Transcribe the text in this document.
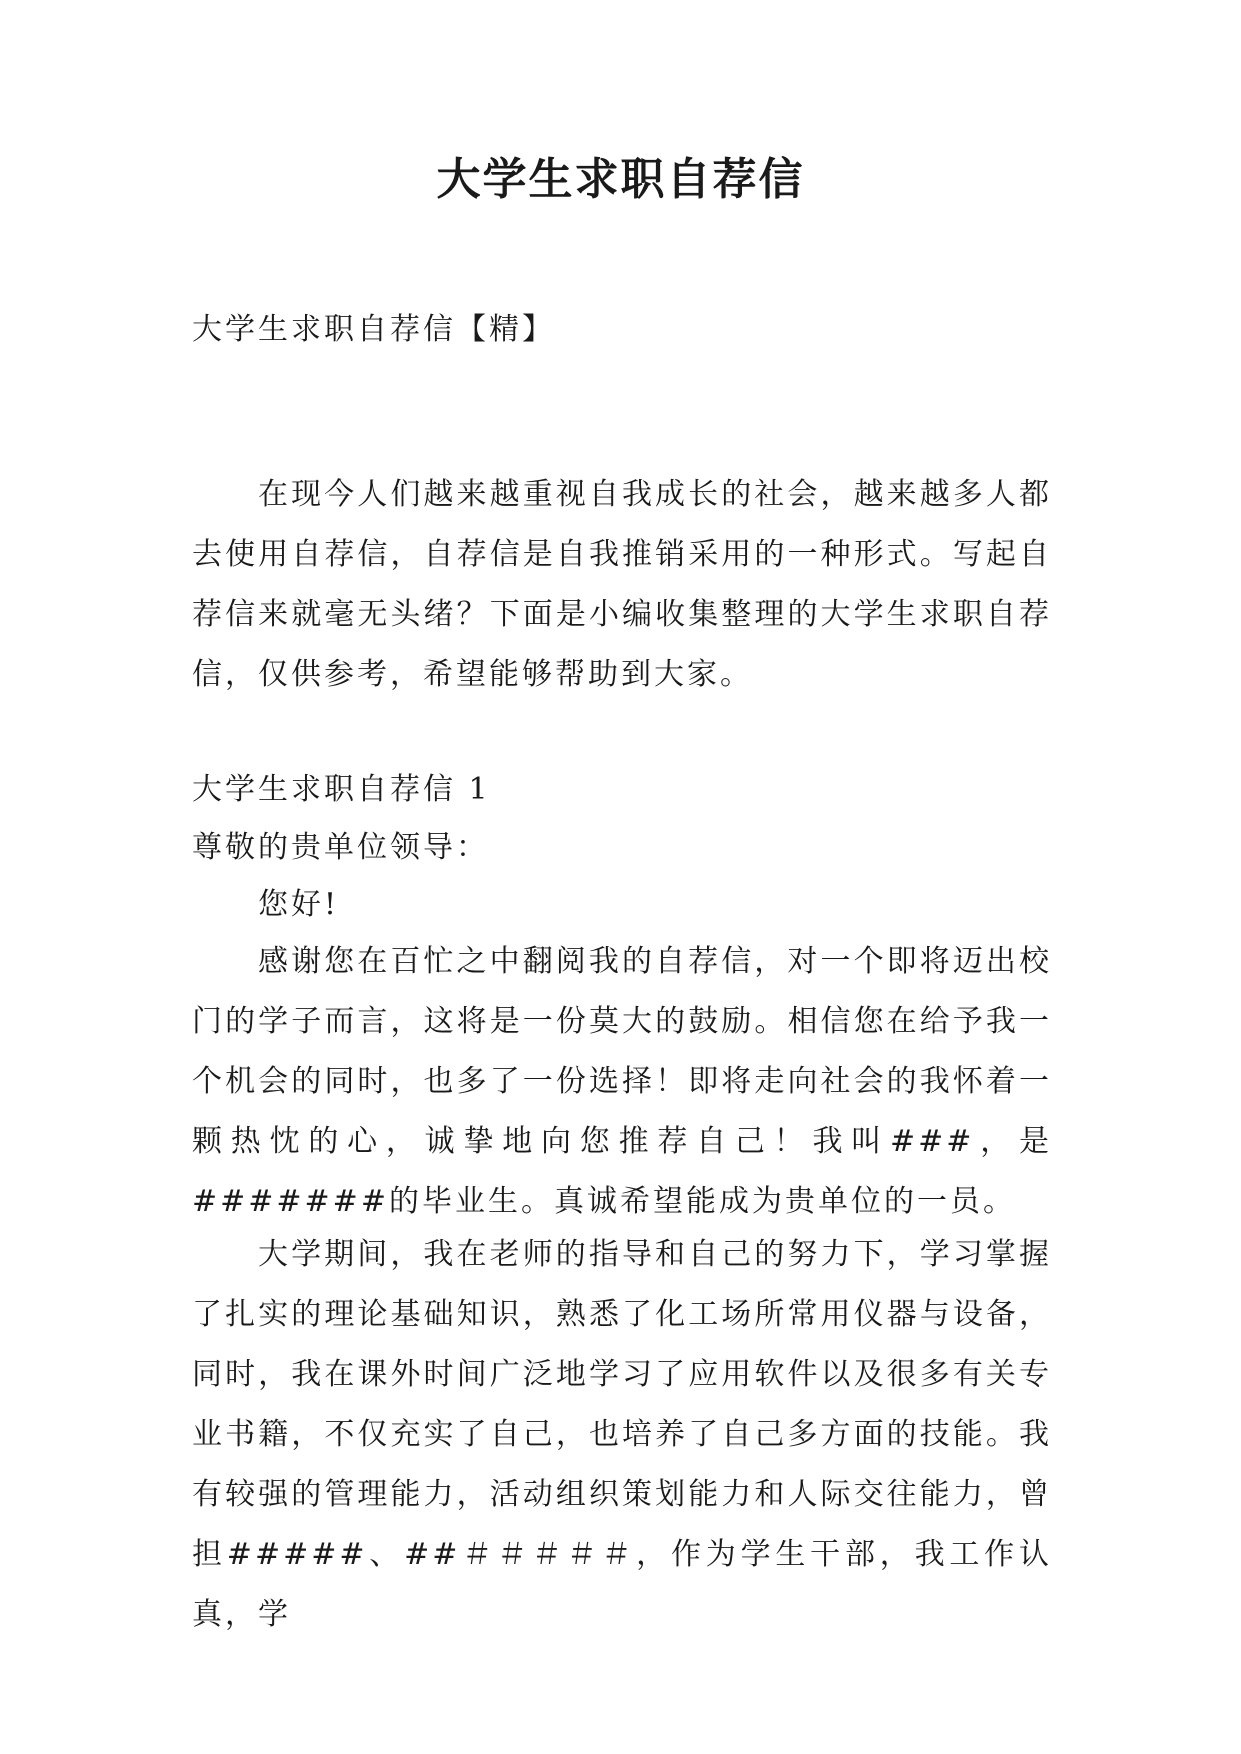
大学生求职自荐信

大学生求职自荐信【精】

在现今人们越来越重视自我成长的社会，越来越多人都去使用自荐信，自荐信是自我推销采用的一种形式。写起自荐信来就毫无头绪？下面是小编收集整理的大学生求职自荐信，仅供参考，希望能够帮助到大家。

大学生求职自荐信 1

尊敬的贵单位领导：

您好!

感谢您在百忙之中翻阅我的自荐信，对一个即将迈出校门的学子而言，这将是一份莫大的鼓励。相信您在给予我一个机会的同时，也多了一份选择！即将走向社会的我怀着一颗热忱的心，诚挚地向您推荐自己！我叫###，是#######的毕业生。真诚希望能成为贵单位的一员。

大学期间，我在老师的指导和自己的努力下，学习掌握了扎实的理论基础知识，熟悉了化工场所常用仪器与设备，同时，我在课外时间广泛地学习了应用软件以及很多有关专业书籍，不仅充实了自己，也培养了自己多方面的技能。我有较强的管理能力，活动组织策划能力和人际交往能力，曾担#####、##＃＃＃＃＃，作为学生干部，我工作认真，学
